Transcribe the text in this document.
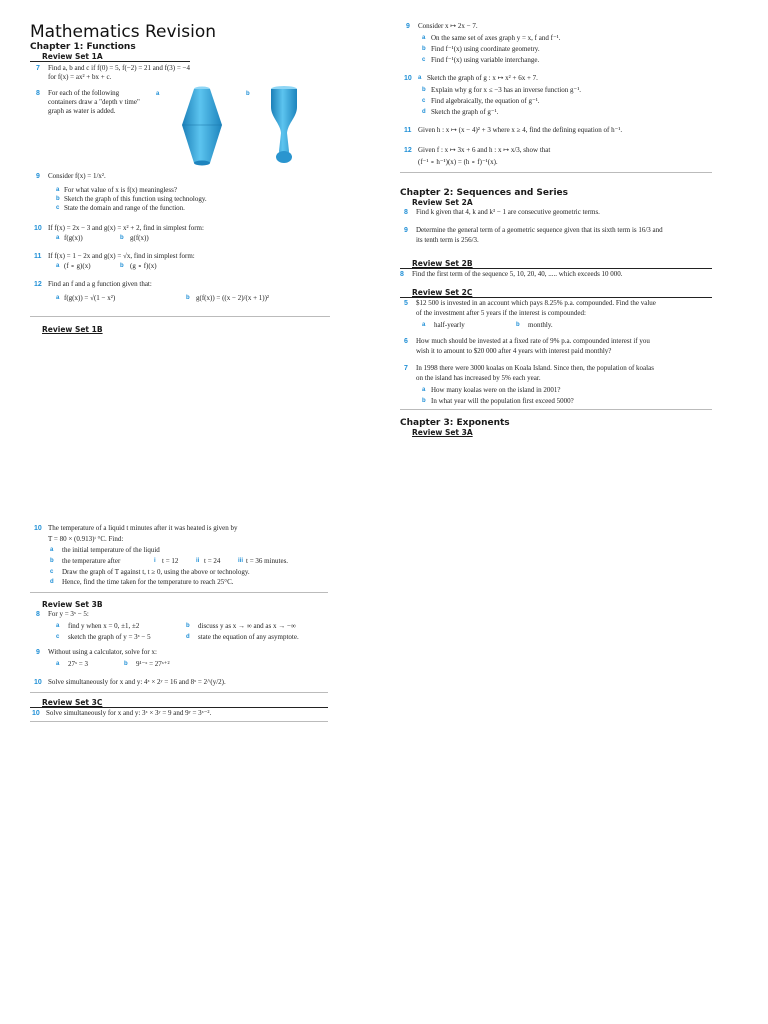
Mathematics Revision
Chapter 1: Functions
Review Set 1A
7 Find a, b and c if f(0) = 5, f(−2) = 21 and f(3) = −4
for f(x) = ax² + bx + c.
8 For each of the following containers draw a "depth v time" graph as water is added.
a	b
9 Consider f(x) = 1/x².
a For what value of x is f(x) meaningless?
b Sketch the graph of this function using technology.
c State the domain and range of the function.
10 If f(x) = 2x − 3 and g(x) = x² + 2, find in simplest form:
a f(g(x))	b g(f(x))
11 If f(x) = 1 − 2x and g(x) = √x, find in simplest form:
a (f ∘ g)(x)	b (g ∘ f)(x)
12 Find an f and a g function given that:
a f(g(x)) = √(1 − x²)	b g(f(x)) = ((x − 2)/(x + 1))²
Review Set 1B
9 Consider x ↦ 2x − 7.
a On the same set of axes graph y = x, f and f⁻¹.
b Find f⁻¹(x) using coordinate geometry.
c Find f⁻¹(x) using variable interchange.
10 a Sketch the graph of g : x ↦ x² + 6x + 7.
b Explain why g for x ≤ −3 has an inverse function g⁻¹.
c Find algebraically, the equation of g⁻¹.
d Sketch the graph of g⁻¹.
11 Given h : x ↦ (x − 4)² + 3 where x ≥ 4, find the defining equation of h⁻¹.
12 Given f : x ↦ 3x + 6 and h : x ↦ x/3, show that
(f⁻¹ ∘ h⁻¹)(x) = (h ∘ f)⁻¹(x).
Chapter 2: Sequences and Series
Review Set 2A
8 Find k given that 4, k and k³ − 1 are consecutive geometric terms.
9 Determine the general term of a geometric sequence given that its sixth term is 16/3 and
its tenth term is 256/3.
Review Set 2B
8 Find the first term of the sequence 5, 10, 20, 40, ..... which exceeds 10 000.
Review Set 2C
5 $12 500 is invested in an account which pays 8.25% p.a. compounded. Find the value
of the investment after 5 years if the interest is compounded:
a half-yearly	b monthly.
6 How much should be invested at a fixed rate of 9% p.a. compounded interest if you
wish it to amount to $20 000 after 4 years with interest paid monthly?
7 In 1998 there were 3000 koalas on Koala Island. Since then, the population of koalas
on the island has increased by 5% each year.
a How many koalas were on the island in 2001?
b In what year will the population first exceed 5000?
Chapter 3: Exponents
Review Set 3A
10 The temperature of a liquid t minutes after it was heated is given by
T = 80 × (0.913)ᵗ °C. Find:
a the initial temperature of the liquid
b the temperature after	i t = 12	ii t = 24	iii t = 36 minutes.
c Draw the graph of T against t, t ≥ 0, using the above or technology.
d Hence, find the time taken for the temperature to reach 25°C.
Review Set 3B
8 For y = 3ˣ − 5:
a find y when x = 0, ±1, ±2	b discuss y as x → ∞ and as x → −∞
c sketch the graph of y = 3ˣ − 5	d state the equation of any asymptote.
9 Without using a calculator, solve for x:
a 27ˣ = 3	b 9¹⁻ˣ = 27ˣ⁺²
10 Solve simultaneously for x and y: 4ˣ × 2ʸ = 16 and 8ˣ = 2^(y/2).
Review Set 3C
10 Solve simultaneously for x and y: 3ˣ × 3ʸ = 9 and 9ʸ = 3ˣ⁻².
